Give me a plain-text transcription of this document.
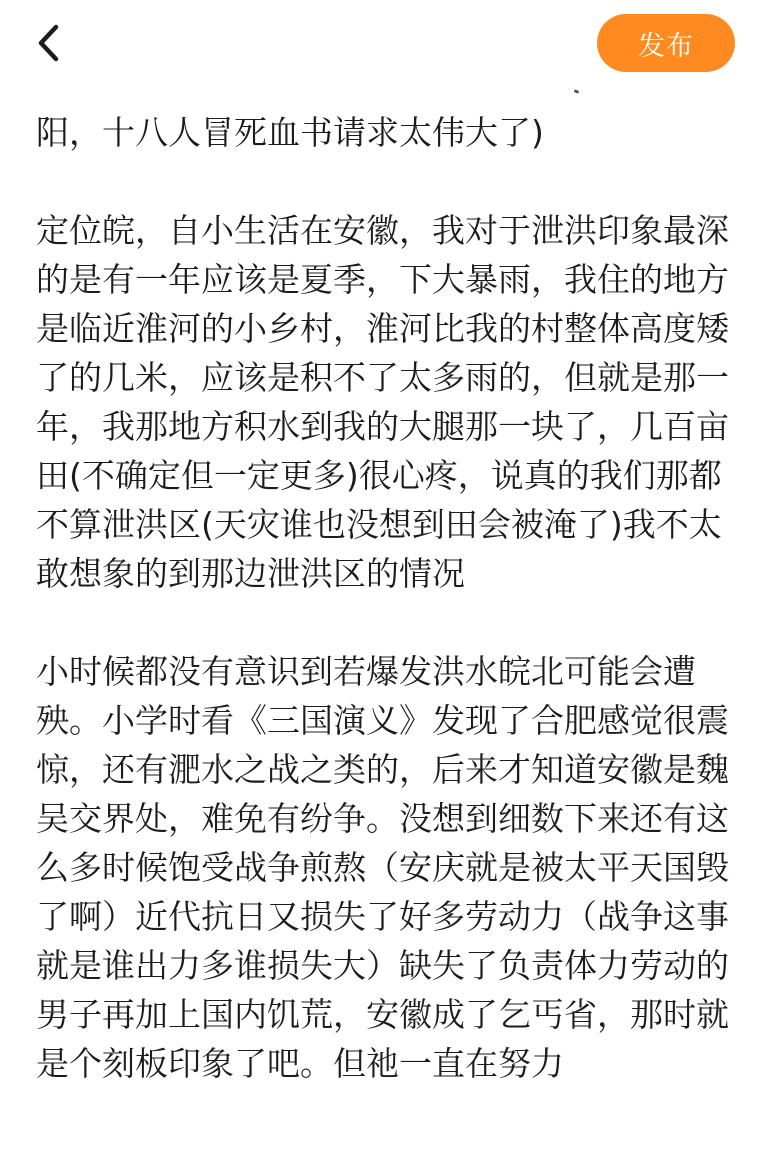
发布
阳，十八人冒死血书请求太伟大了)
定位皖，自小生活在安徽，我对于泄洪印象最深的是有一年应该是夏季，下大暴雨，我住的地方是临近淮河的小乡村，淮河比我的村整体高度矮了的几米，应该是积不了太多雨的，但就是那一年，我那地方积水到我的大腿那一块了，几百亩田(不确定但一定更多)很心疼，说真的我们那都不算泄洪区(天灾谁也没想到田会被淹了)我不太敢想象的到那边泄洪区的情况
小时候都没有意识到若爆发洪水皖北可能会遭殃。小学时看《三国演义》发现了合肥感觉很震惊，还有淝水之战之类的，后来才知道安徽是魏吴交界处，难免有纷争。没想到细数下来还有这么多时候饱受战争煎熬（安庆就是被太平天国毁了啊）近代抗日又损失了好多劳动力（战争这事就是谁出力多谁损失大）缺失了负责体力劳动的男子再加上国内饥荒，安徽成了乞丐省，那时就是个刻板印象了吧。但祂一直在努力
